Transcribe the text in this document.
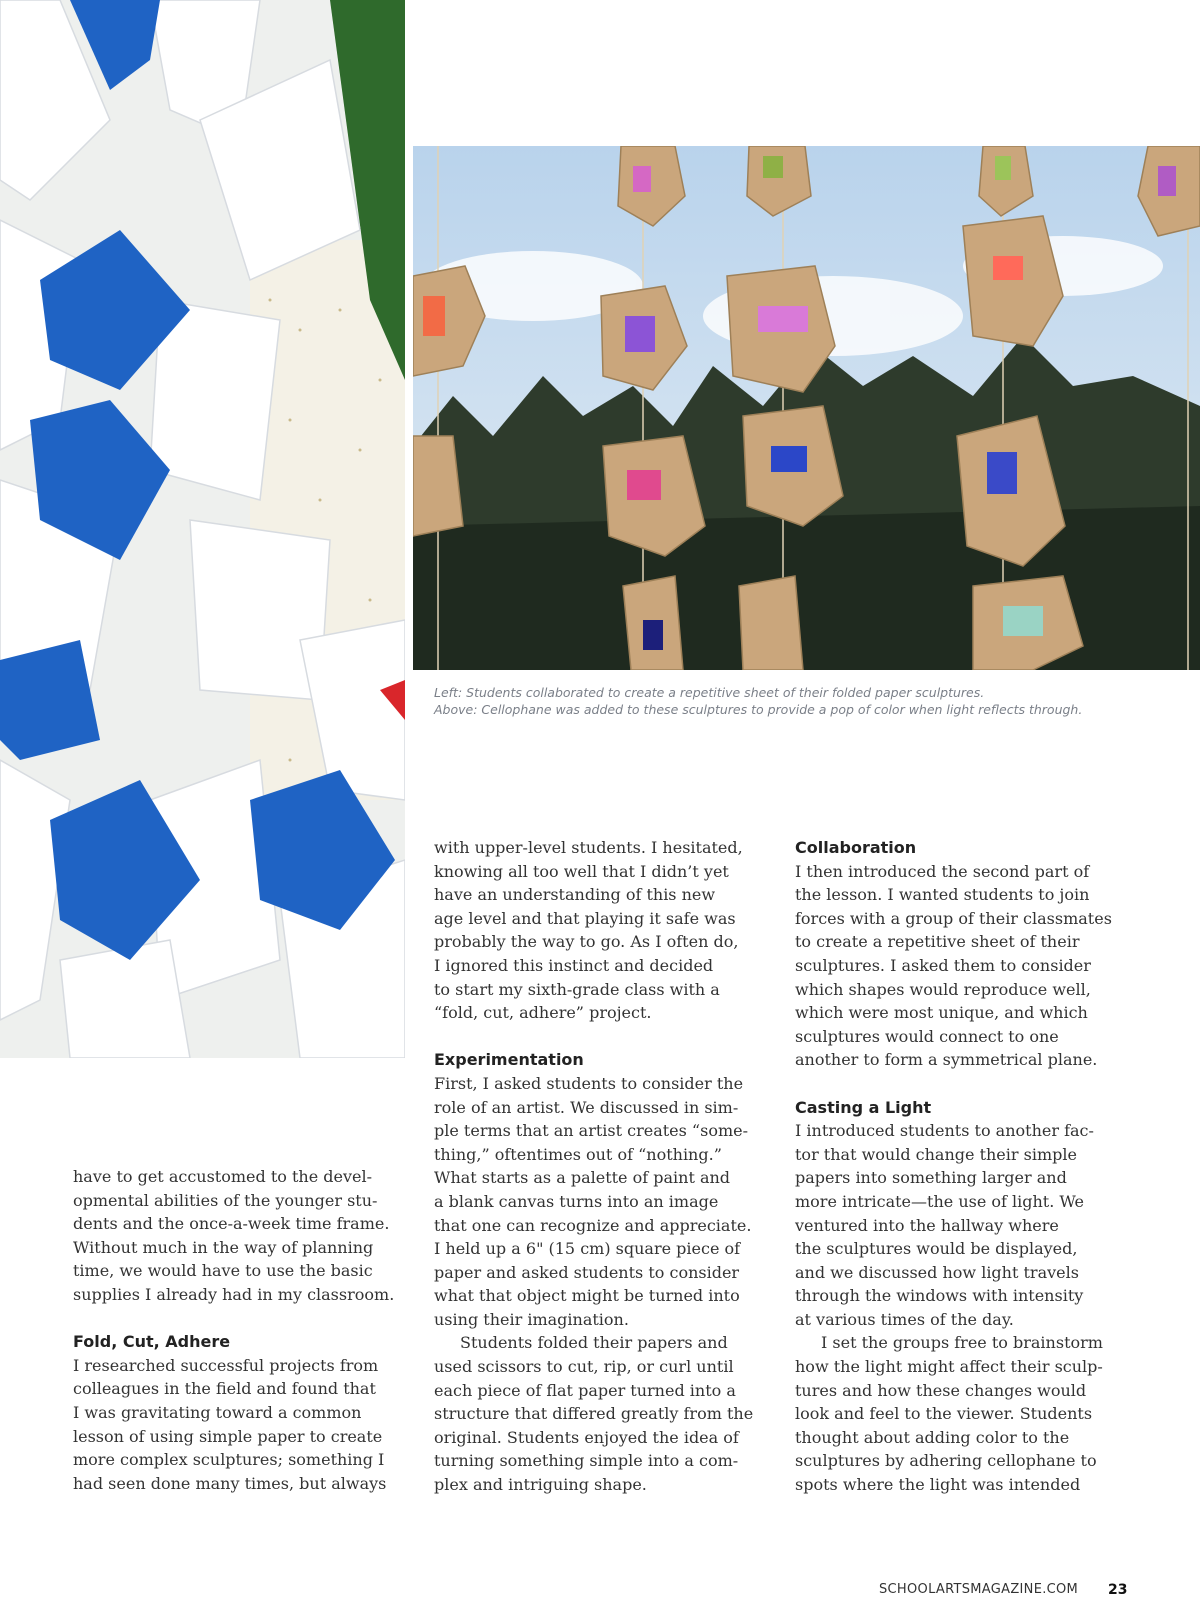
Left: Students collaborated to create a repetitive sheet of their folded paper sculptures.
Above: Cellophane was added to these sculptures to provide a pop of color when light reflects through.

have to get accustomed to the devel-
opmental abilities of the younger stu-
dents and the once-a-week time frame.
Without much in the way of planning
time, we would have to use the basic
supplies I already had in my classroom.

Fold, Cut, Adhere

I researched successful projects from
colleagues in the field and found that
I was gravitating toward a common
lesson of using simple paper to create
more complex sculptures; something I
had seen done many times, but always

with upper-level students. I hesitated,
knowing all too well that I didn’t yet
have an understanding of this new
age level and that playing it safe was
probably the way to go. As I often do,
I ignored this instinct and decided
to start my sixth-grade class with a
“fold, cut, adhere” project.

Experimentation

First, I asked students to consider the
role of an artist. We discussed in sim-
ple terms that an artist creates “some-
thing,” oftentimes out of “nothing.”
What starts as a palette of paint and
a blank canvas turns into an image
that one can recognize and appreciate.
I held up a 6" (15 cm) square piece of
paper and asked students to consider
what that object might be turned into
using their imagination.

Students folded their papers and

used scissors to cut, rip, or curl until
each piece of flat paper turned into a
structure that differed greatly from the
original. Students enjoyed the idea of
turning something simple into a com-
plex and intriguing shape.

Collaboration

I then introduced the second part of
the lesson. I wanted students to join
forces with a group of their classmates
to create a repetitive sheet of their
sculptures. I asked them to consider
which shapes would reproduce well,
which were most unique, and which
sculptures would connect to one
another to form a symmetrical plane.

Casting a Light

I introduced students to another fac-
tor that would change their simple
papers into something larger and
more intricate—the use of light. We
ventured into the hallway where
the sculptures would be displayed,
and we discussed how light travels
through the windows with intensity
at various times of the day.

I set the groups free to brainstorm

how the light might affect their sculp-
tures and how these changes would
look and feel to the viewer. Students
thought about adding color to the
sculptures by adhering cellophane to
spots where the light was intended

SCHOOLARTSMAGAZINE.COM 23
